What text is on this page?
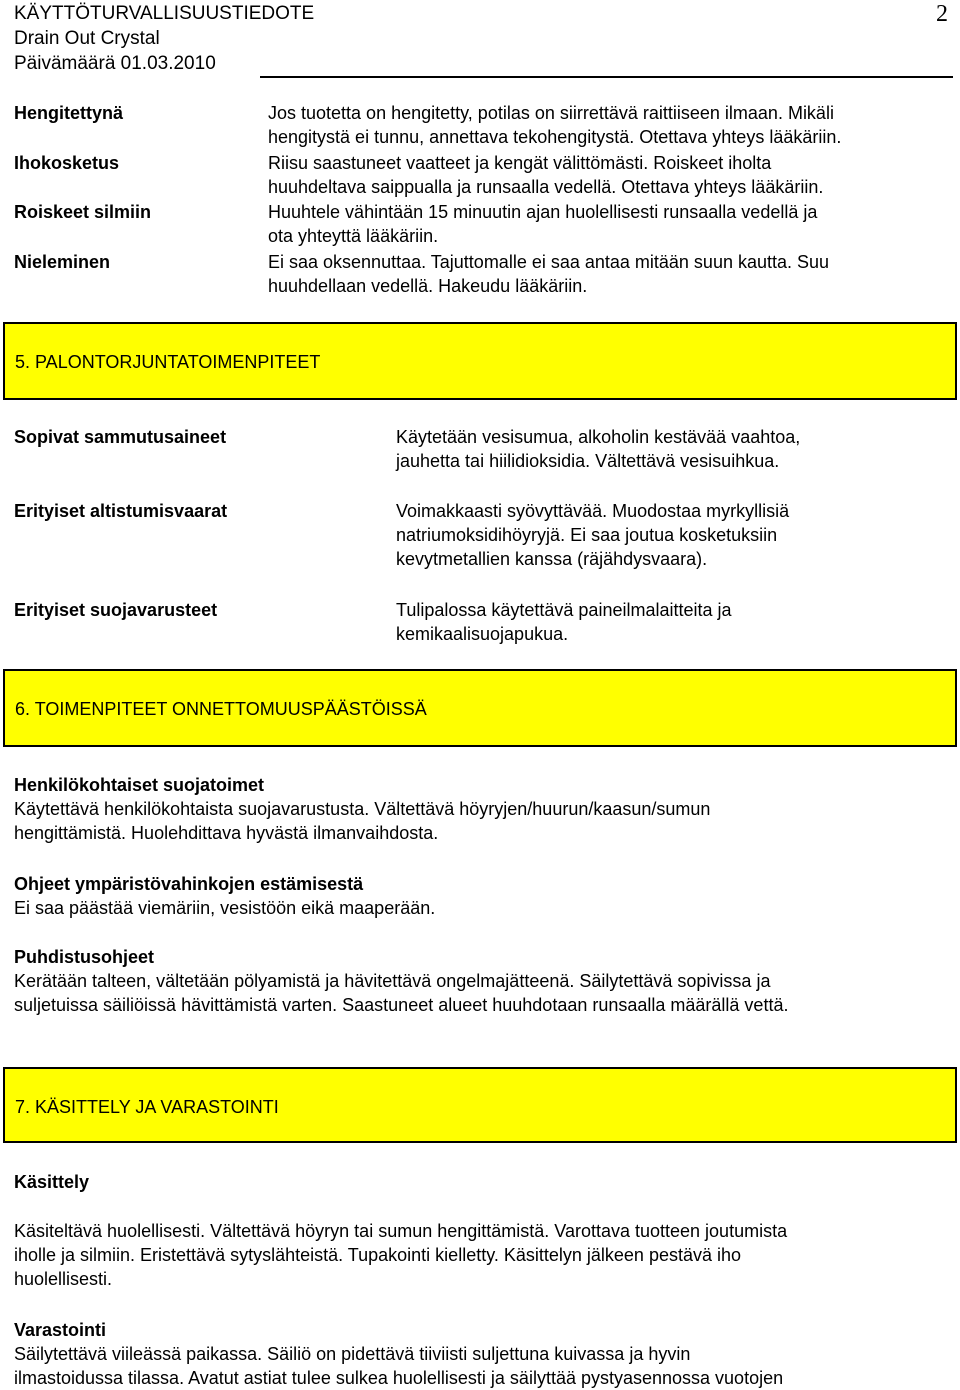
KÄYTTÖTURVALLISUUSTIEDOTE
Drain Out Crystal
Päivämäärä 01.03.2010
2
Hengitettynä	Jos tuotetta on hengitetty, potilas on siirrettävä raittiiseen ilmaan. Mikäli
hengitystä ei tunnu, annettava tekohengitystä. Otettava yhteys lääkäriin.
Ihokosketus	Riisu saastuneet vaatteet ja kengät välittömästi. Roiskeet iholta
huuhdeltava saippualla ja runsaalla vedellä. Otettava yhteys lääkäriin.
Roiskeet silmiin	Huuhtele vähintään 15 minuutin ajan huolellisesti runsaalla vedellä ja
ota yhteyttä lääkäriin.
Nieleminen	Ei saa oksennuttaa. Tajuttomalle ei saa antaa mitään suun kautta. Suu
huuhdellaan vedellä. Hakeudu lääkäriin.
5. PALONTORJUNTATOIMENPITEET
Sopivat sammutusaineet	Käytetään vesisumua, alkoholin kestävää vaahtoa,
jauhetta tai hiilidioksidia. Vältettävä vesisuihkua.
Erityiset altistumisvaarat	Voimakkaasti syövyttävää. Muodostaa myrkyllisiä
natriumoksidihöyryjä. Ei saa joutua kosketuksiin
kevytmetallien kanssa (räjähdysvaara).
Erityiset suojavarusteet	Tulipalossa käytettävä paineilmalaitteita ja
kemikaalisuojapukua.
6. TOIMENPITEET ONNETTOMUUSPÄÄSTÖISSÄ
Henkilökohtaiset suojatoimet
Käytettävä henkilökohtaista suojavarustusta. Vältettävä höyryjen/huurun/kaasun/sumun
hengittämistä. Huolehdittava hyvästä ilmanvaihdosta.
Ohjeet ympäristövahinkojen estämisestä
Ei saa päästää viemäriin, vesistöön eikä maaperään.
Puhdistusohjeet
Kerätään talteen, vältetään pölyamistä ja hävitettävä ongelmajätteenä. Säilytettävä sopivissa ja
suljetuissa säiliöissä hävittämistä varten. Saastuneet alueet huuhdotaan runsaalla määrällä vettä.
7. KÄSITTELY JA VARASTOINTI
Käsittely
Käsiteltävä huolellisesti. Vältettävä höyryn tai sumun hengittämistä. Varottava tuotteen joutumista
iholle ja silmiin. Eristettävä sytyslähteistä. Tupakointi kielletty. Käsittelyn jälkeen pestävä iho
huolellisesti.
Varastointi
Säilytettävä viileässä paikassa. Säiliö on pidettävä tiiviisti suljettuna kuivassa ja hyvin
ilmastoidussa tilassa. Avatut astiat tulee sulkea huolellisesti ja säilyttää pystyasennossa vuotojen
